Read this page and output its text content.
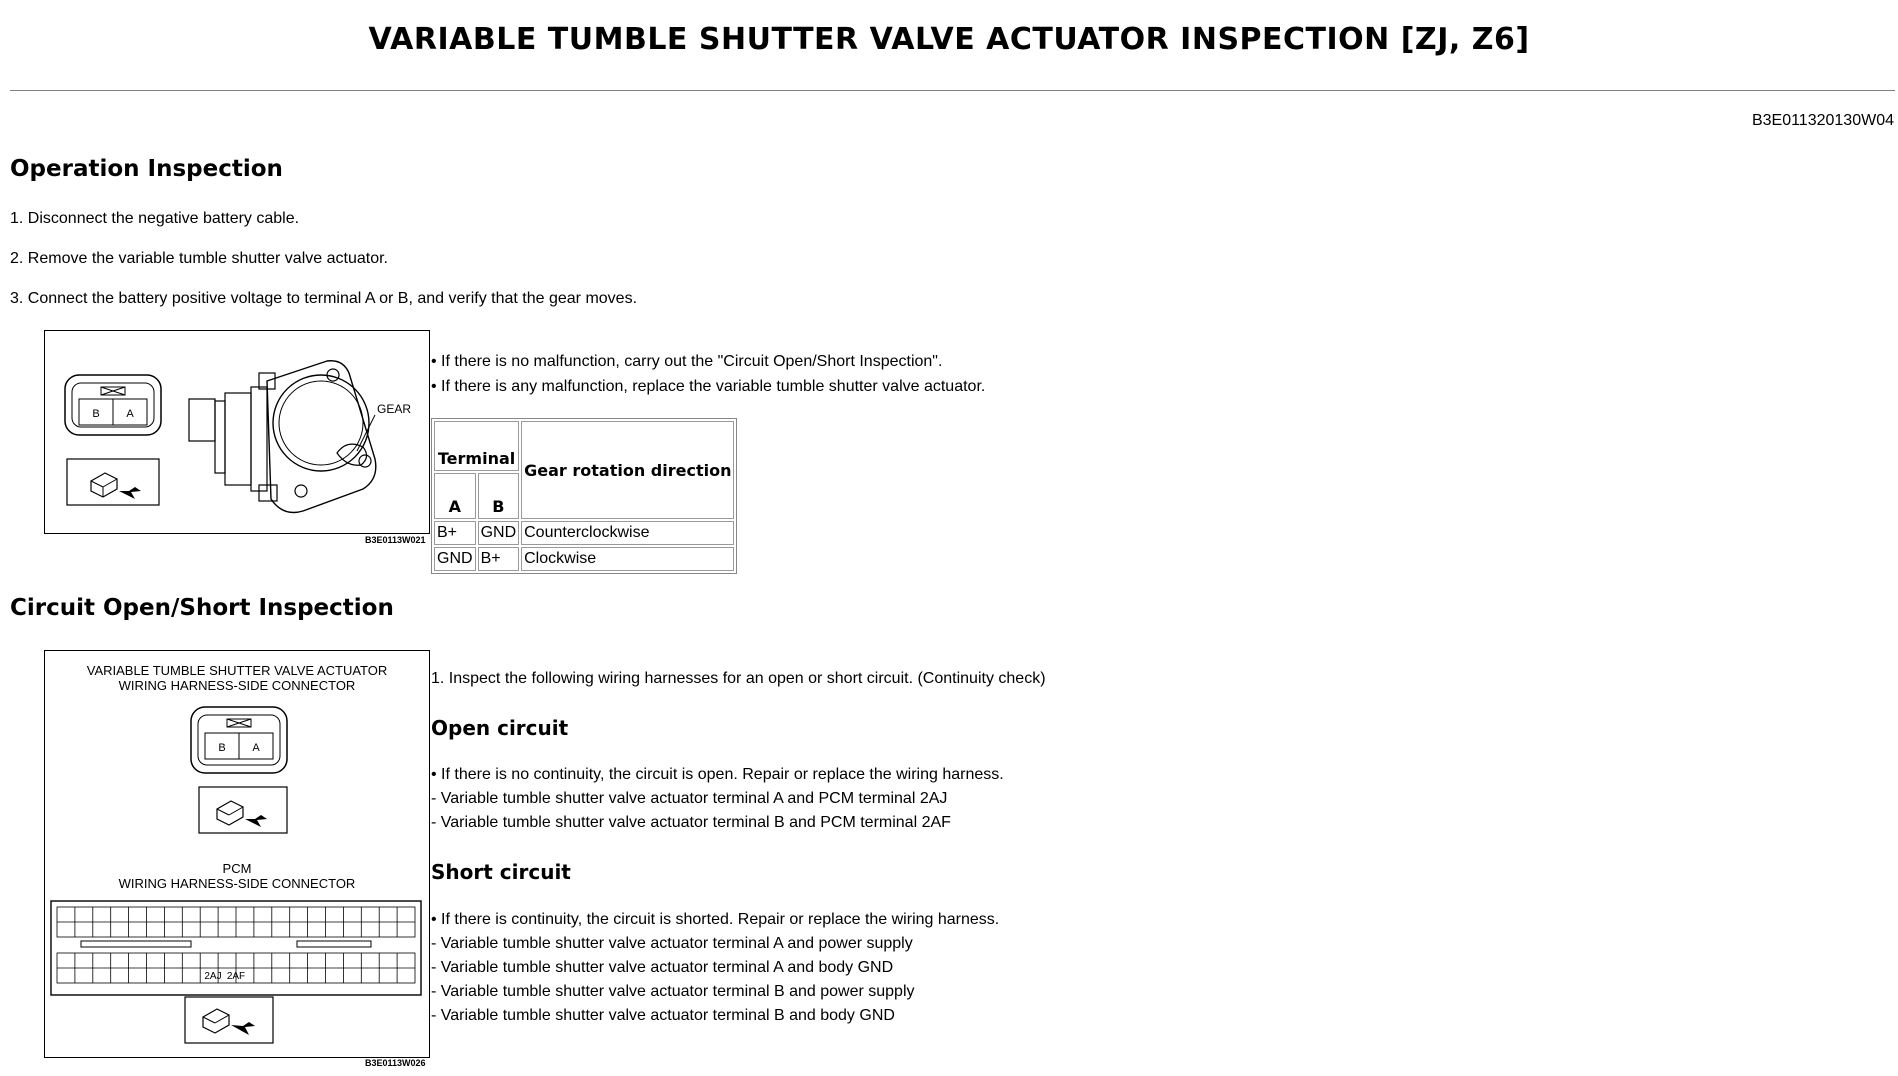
VARIABLE TUMBLE SHUTTER VALVE ACTUATOR INSPECTION [ZJ, Z6]
B3E011320130W04
Operation Inspection
1. Disconnect the negative battery cable.
2. Remove the variable tumble shutter valve actuator.
3. Connect the battery positive voltage to terminal A or B, and verify that the gear moves.
B A	GEAR
B3E0113W021
• If there is no malfunction, carry out the "Circuit Open/Short Inspection".
• If there is any malfunction, replace the variable tumble shutter valve actuator.
Terminal		Gear rotation direction
A	B	
B+	GND	Counterclockwise
GND	B+	Clockwise
Circuit Open/Short Inspection
VARIABLE TUMBLE SHUTTER VALVE ACTUATOR
WIRING HARNESS-SIDE CONNECTOR
B A
PCM
WIRING HARNESS-SIDE CONNECTOR
2AJ 2AF
B3E0113W026
1. Inspect the following wiring harnesses for an open or short circuit. (Continuity check)
Open circuit
• If there is no continuity, the circuit is open. Repair or replace the wiring harness.
- Variable tumble shutter valve actuator terminal A and PCM terminal 2AJ
- Variable tumble shutter valve actuator terminal B and PCM terminal 2AF
Short circuit
• If there is continuity, the circuit is shorted. Repair or replace the wiring harness.
- Variable tumble shutter valve actuator terminal A and power supply
- Variable tumble shutter valve actuator terminal A and body GND
- Variable tumble shutter valve actuator terminal B and power supply
- Variable tumble shutter valve actuator terminal B and body GND
